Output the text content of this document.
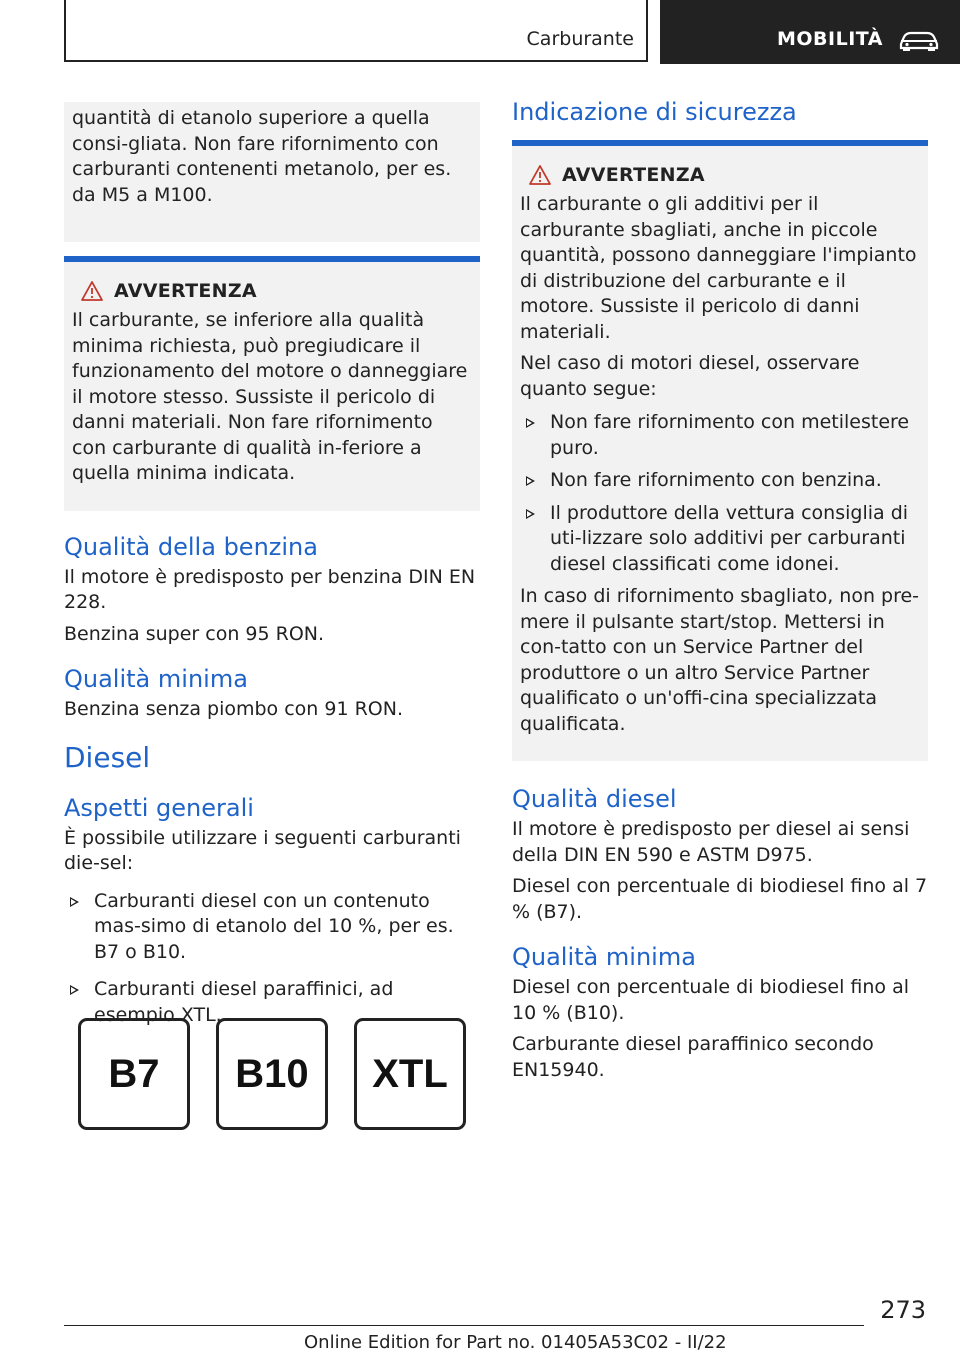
Carburante	MOBILITÀ

quantità di etanolo superiore a quella consi-gliata. Non fare rifornimento con carburanti contenenti metanolo, per es. da M5 a M100.

AVVERTENZA

Il carburante, se inferiore alla qualità minima richiesta, può pregiudicare il funzionamento del motore o danneggiare il motore stesso. Sussiste il pericolo di danni materiali. Non fare rifornimento con carburante di qualità in-feriore a quella minima indicata.

Qualità della benzina

Il motore è predisposto per benzina DIN EN 228.

Benzina super con 95 RON.

Qualità minima

Benzina senza piombo con 91 RON.

Diesel
Aspetti generali

È possibile utilizzare i seguenti carburanti die-sel:

Carburanti diesel con un contenuto mas-simo di etanolo del 10 %, per es. B7 o B10.
Carburanti diesel paraffinici, ad esempio XTL.
B7	B10	XTL
Indicazione di sicurezza
AVVERTENZA

Il carburante o gli additivi per il carburante sbagliati, anche in piccole quantità, possono danneggiare l'impianto di distribuzione del carburante e il motore. Sussiste il pericolo di danni materiali.

Nel caso di motori diesel, osservare quanto segue:

Non fare rifornimento con metilestere puro.
Non fare rifornimento con benzina.
Il produttore della vettura consiglia di uti-lizzare solo additivi per carburanti diesel classificati come idonei.

In caso di rifornimento sbagliato, non pre-mere il pulsante start/stop. Mettersi in con-tatto con un Service Partner del produttore o un altro Service Partner qualificato o un'offi-cina specializzata qualificata.

Qualità diesel

Il motore è predisposto per diesel ai sensi della DIN EN 590 e ASTM D975.

Diesel con percentuale di biodiesel fino al 7 % (B7).

Qualità minima

Diesel con percentuale di biodiesel fino al 10 % (B10).

Carburante diesel paraffinico secondo EN15940.

273
Online Edition for Part no. 01405A53C02 - II/22
